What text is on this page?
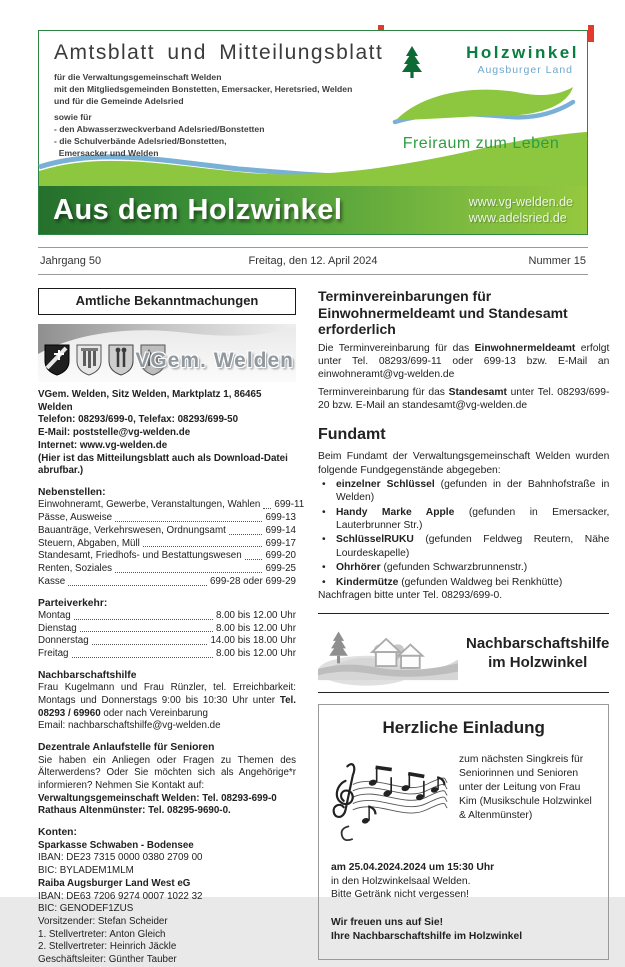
Amtsblatt und Mitteilungsblatt
für die Verwaltungsgemeinschaft Welden
mit den Mitgliedsgemeinden Bonstetten, Emersacker, Heretsried, Welden
und für die Gemeinde Adelsried
sowie für
- den Abwasserzweckverband Adelsried/Bonstetten
- die Schulverbände Adelsried/Bonstetten,
Emersacker und Welden
Holzwinkel
Augsburger Land
Freiraum zum Leben
Aus dem Holzwinkel	www.vg-welden.de
www.adelsried.de
Jahrgang 50	Freitag, den 12. April 2024	Nummer 15
Amtliche Bekanntmachungen
VGem. Welden
VGem. Welden, Sitz Welden, Marktplatz 1, 86465 Welden
Telefon: 08293/699-0, Telefax: 08293/699-50
E-Mail: poststelle@vg-welden.de
Internet: www.vg-welden.de
(Hier ist das Mitteilungsblatt auch als Download-Datei abrufbar.)
Nebenstellen:
Einwohneramt, Gewerbe, Veranstaltungen, Wahlen 699-11
Pässe, Ausweise	699-13
Bauanträge, Verkehrswesen, Ordnungsamt	699-14
Steuern, Abgaben, Müll	699-17
Standesamt, Friedhofs- und Bestattungswesen 699-20
Renten, Soziales	699-25
Kasse	699-28 oder 699-29
Parteiverkehr:
Montag	8.00 bis 12.00 Uhr
Dienstag	8.00 bis 12.00 Uhr
Donnerstag	14.00 bis 18.00 Uhr
Freitag	8.00 bis 12.00 Uhr
Nachbarschaftshilfe
Frau Kugelmann und Frau Rünzler, tel. Erreichbarkeit: Montags und Donnerstags 9:00 bis 10:30 Uhr unter Tel. 08293 / 69960 oder nach Vereinbarung
Email: nachbarschaftshilfe@vg-welden.de
Dezentrale Anlaufstelle für Senioren
Sie haben ein Anliegen oder Fragen zu Themen des Älterwerdens? Oder Sie möchten sich als Angehörige*r informieren? Nehmen Sie Kontakt auf:
Verwaltungsgemeinschaft Welden: Tel. 08293-699-0
Rathaus Altenmünster: Tel. 08295-9690-0.
Konten:
Sparkasse Schwaben - Bodensee
IBAN: DE23 7315 0000 0380 2709 00
BIC: BYLADEM1MLM
Raiba Augsburger Land West eG
IBAN: DE63 7206 9274 0007 1022 32
BIC: GENODEF1ZUS
Vorsitzender: Stefan Scheider
1. Stellvertreter: Anton Gleich
2. Stellvertreter: Heinrich Jäckle
Geschäftsleiter: Günther Tauber
Terminvereinbarungen für Einwohnermeldeamt und Standesamt erforderlich
Die Terminvereinbarung für das Einwohnermeldeamt erfolgt unter Tel. 08293/699-11 oder 699-13 bzw. E-Mail an einwohneramt@vg-welden.de
Terminvereinbarung für das Standesamt unter Tel. 08293/699-20 bzw. E-Mail an standesamt@vg-welden.de
Fundamt
Beim Fundamt der Verwaltungsgemeinschaft Welden wurden folgende Fundgegenstände abgegeben:
•	einzelner Schlüssel (gefunden in der Bahnhofstraße in Welden)
•	Handy Marke Apple (gefunden in Emersacker, Lauterbrunner Str.)
•	SchlüsselRUKU (gefunden Feldweg Reutern, Nähe Lourdeskapelle)
•	Ohrhörer (gefunden Schwarzbrunnenstr.)
•	Kindermütze (gefunden Waldweg bei Renkhütte)
Nachfragen bitte unter Tel. 08293/699-0.
Nachbarschaftshilfe
im Holzwinkel
Herzliche Einladung
zum nächsten Singkreis für Seniorinnen und Senioren unter der Leitung von Frau Kim (Musikschule Holzwinkel & Altenmünster)
am 25.04.2024.2024 um 15:30 Uhr
in den Holzwinkelsaal Welden.
Bitte Getränk nicht vergessen!
Wir freuen uns auf Sie!
Ihre Nachbarschaftshilfe im Holzwinkel
